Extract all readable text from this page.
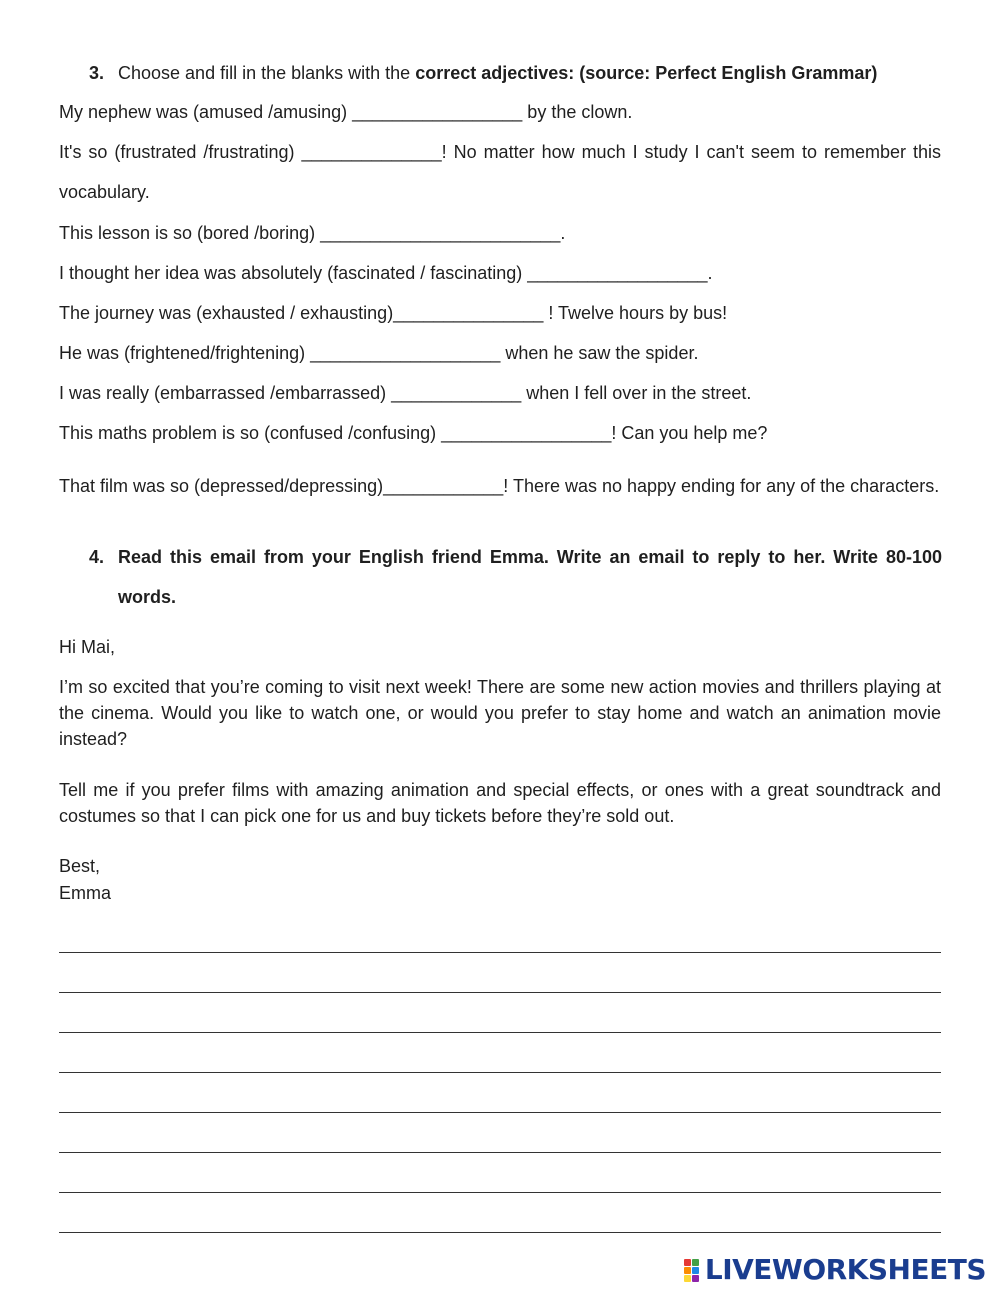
3. Choose and fill in the blanks with the correct adjectives: (source: Perfect English Grammar)
My nephew was (amused /amusing) _________________ by the clown.
It's so (frustrated /frustrating) ______________! No matter how much I study I can't seem to remember this vocabulary.
This lesson is so (bored /boring) ________________________.
I thought her idea was absolutely (fascinated / fascinating) __________________.
The journey was (exhausted / exhausting)_______________ ! Twelve hours by bus!
He was (frightened/frightening) ___________________ when he saw the spider.
I was really (embarrassed /embarrassed) _____________ when I fell over in the street.
This maths problem is so (confused /confusing) _________________! Can you help me?
That film was so (depressed/depressing)____________! There was no happy ending for any of the characters.
4. Read this email from your English friend Emma. Write an email to reply to her. Write 80-100 words.
Hi Mai,
I’m so excited that you’re coming to visit next week! There are some new action movies and thrillers playing at the cinema. Would you like to watch one, or would you prefer to stay home and watch an animation movie instead?
Tell me if you prefer films with amazing animation and special effects, or ones with a great soundtrack and costumes so that I can pick one for us and buy tickets before they’re sold out.
Best,
Emma
LIVEWORKSHEETS
